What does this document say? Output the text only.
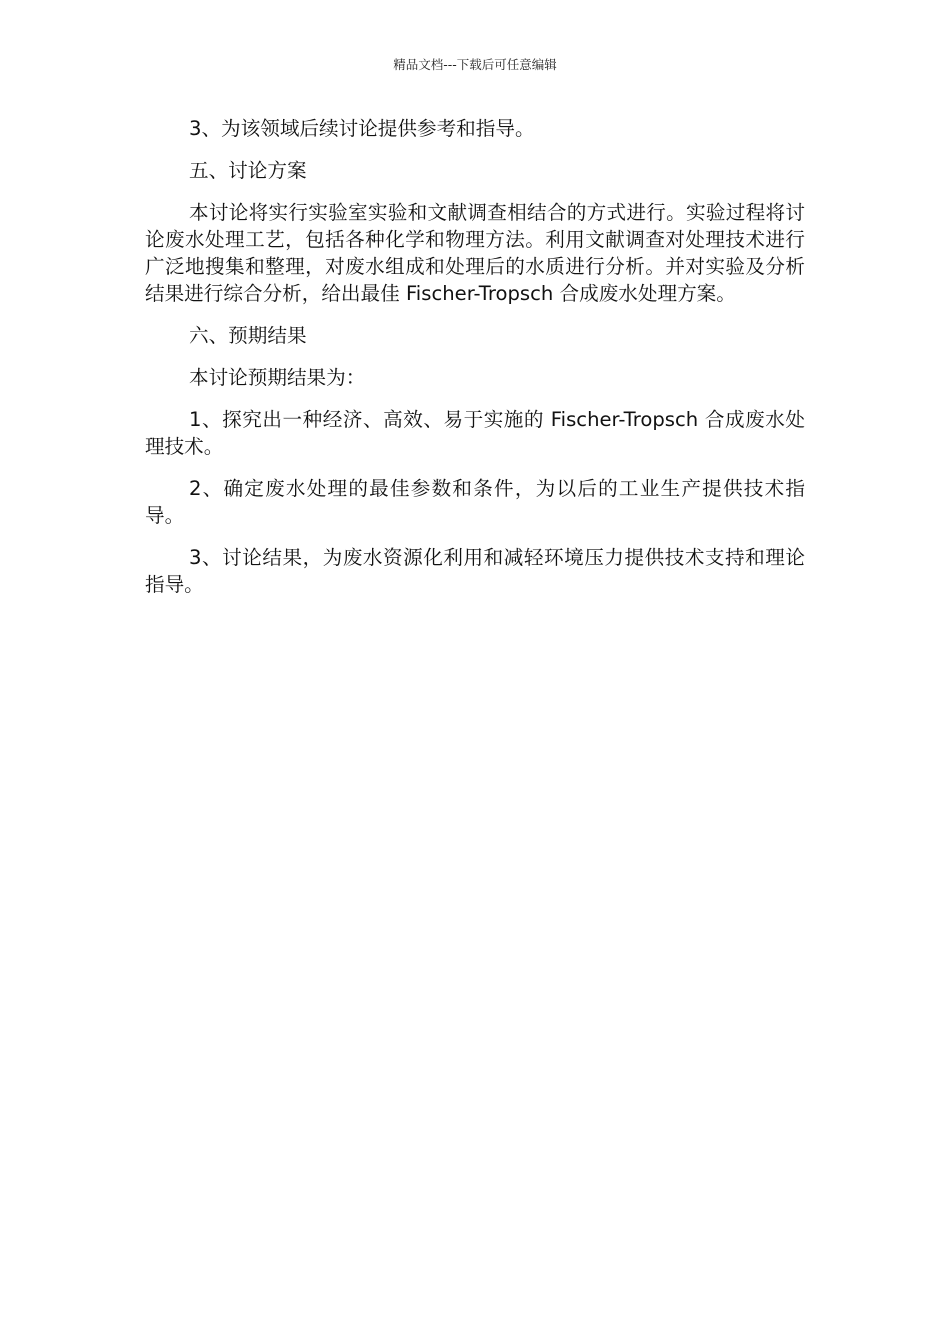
精品文档---下载后可任意编辑

3、为该领域后续讨论提供参考和指导。

五、讨论方案

本讨论将实行实验室实验和文献调查相结合的方式进行。实验过程将讨论废水处理工艺，包括各种化学和物理方法。利用文献调查对处理技术进行广泛地搜集和整理，对废水组成和处理后的水质进行分析。并对实验及分析结果进行综合分析，给出最佳 Fischer-Tropsch 合成废水处理方案。

六、预期结果

本讨论预期结果为：

1、探究出一种经济、高效、易于实施的 Fischer-Tropsch 合成废水处理技术。

2、确定废水处理的最佳参数和条件，为以后的工业生产提供技术指导。

3、讨论结果，为废水资源化利用和减轻环境压力提供技术支持和理论指导。
